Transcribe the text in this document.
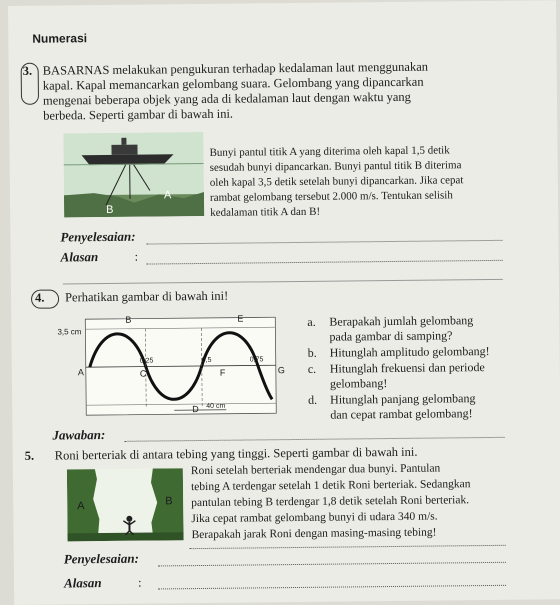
Numerasi
3. BASARNAS melakukan pengukuran terhadap kedalaman laut menggunakan
kapal. Kapal memancarkan gelombang suara. Gelombang yang dipancarkan
mengenai beberapa objek yang ada di kedalaman laut dengan waktu yang
berbeda. Seperti gambar di bawah ini.
A
B
Bunyi pantul titik A yang diterima oleh kapal 1,5 detik
sesudah bunyi dipancarkan. Bunyi pantul titik B diterima
oleh kapal 3,5 detik setelah bunyi dipancarkan. Jika cepat
rambat gelombang tersebut 2.000 m/s. Tentukan selisih
kedalaman titik A dan B!
Penyelesaian:
Alasan	:
4. Perhatikan gambar di bawah ini!
3,5 cm
B	E
A	C	F	G
D
0,25	0,5	0,75
40 cm
a. Berapakah jumlah gelombang
pada gambar di samping?
b. Hitunglah amplitudo gelombang!
c. Hitunglah frekuensi dan periode
gelombang!
d. Hitunglah panjang gelombang
dan cepat rambat gelombang!
Jawaban:
5. Roni berteriak di antara tebing yang tinggi. Seperti gambar di bawah ini.
A	B
Roni setelah berteriak mendengar dua bunyi. Pantulan
tebing A terdengar setelah 1 detik Roni berteriak. Sedangkan
pantulan tebing B terdengar 1,8 detik setelah Roni berteriak.
Jika cepat rambat gelombang bunyi di udara 340 m/s.
Berapakah jarak Roni dengan masing-masing tebing!
Penyelesaian:
Alasan	:
